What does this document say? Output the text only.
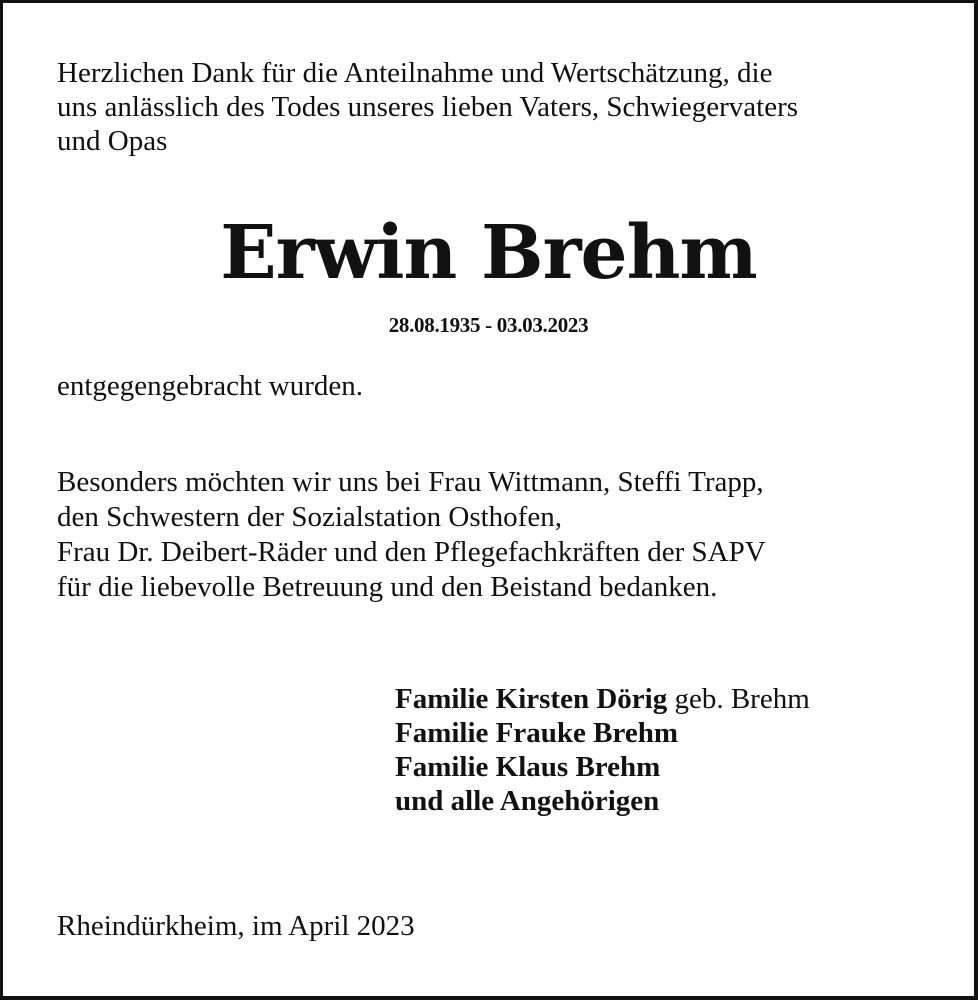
Herzlichen Dank für die Anteilnahme und Wertschätzung, die
uns anlässlich des Todes unseres lieben Vaters, Schwiegervaters
und Opas
Erwin Brehm
28.08.1935 - 03.03.2023
entgegengebracht wurden.
Besonders möchten wir uns bei Frau Wittmann, Steffi Trapp,
den Schwestern der Sozialstation Osthofen,
Frau Dr. Deibert-Räder und den Pflegefachkräften der SAPV
für die liebevolle Betreuung und den Beistand bedanken.
Familie Kirsten Dörig geb. Brehm
Familie Frauke Brehm
Familie Klaus Brehm
und alle Angehörigen
Rheindürkheim, im April 2023
